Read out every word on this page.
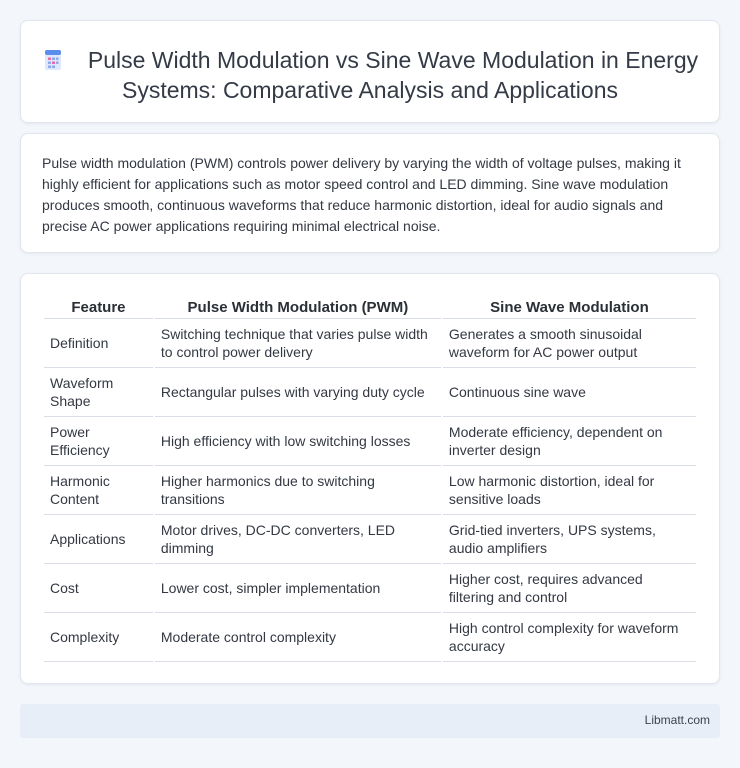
Pulse Width Modulation vs Sine Wave Modulation in Energy Systems: Comparative Analysis and Applications

Pulse width modulation (PWM) controls power delivery by varying the width of voltage pulses, making it highly efficient for applications such as motor speed control and LED dimming. Sine wave modulation produces smooth, continuous waveforms that reduce harmonic distortion, ideal for audio signals and precise AC power applications requiring minimal electrical noise.

Feature	Pulse Width Modulation (PWM)	Sine Wave Modulation
Definition	Switching technique that varies pulse width to control power delivery	Generates a smooth sinusoidal waveform for AC power output
Waveform Shape	Rectangular pulses with varying duty cycle	Continuous sine wave
Power Efficiency	High efficiency with low switching losses	Moderate efficiency, dependent on inverter design
Harmonic Content	Higher harmonics due to switching transitions	Low harmonic distortion, ideal for sensitive loads
Applications	Motor drives, DC-DC converters, LED dimming	Grid-tied inverters, UPS systems, audio amplifiers
Cost	Lower cost, simpler implementation	Higher cost, requires advanced filtering and control
Complexity	Moderate control complexity	High control complexity for waveform accuracy
Libmatt.com
